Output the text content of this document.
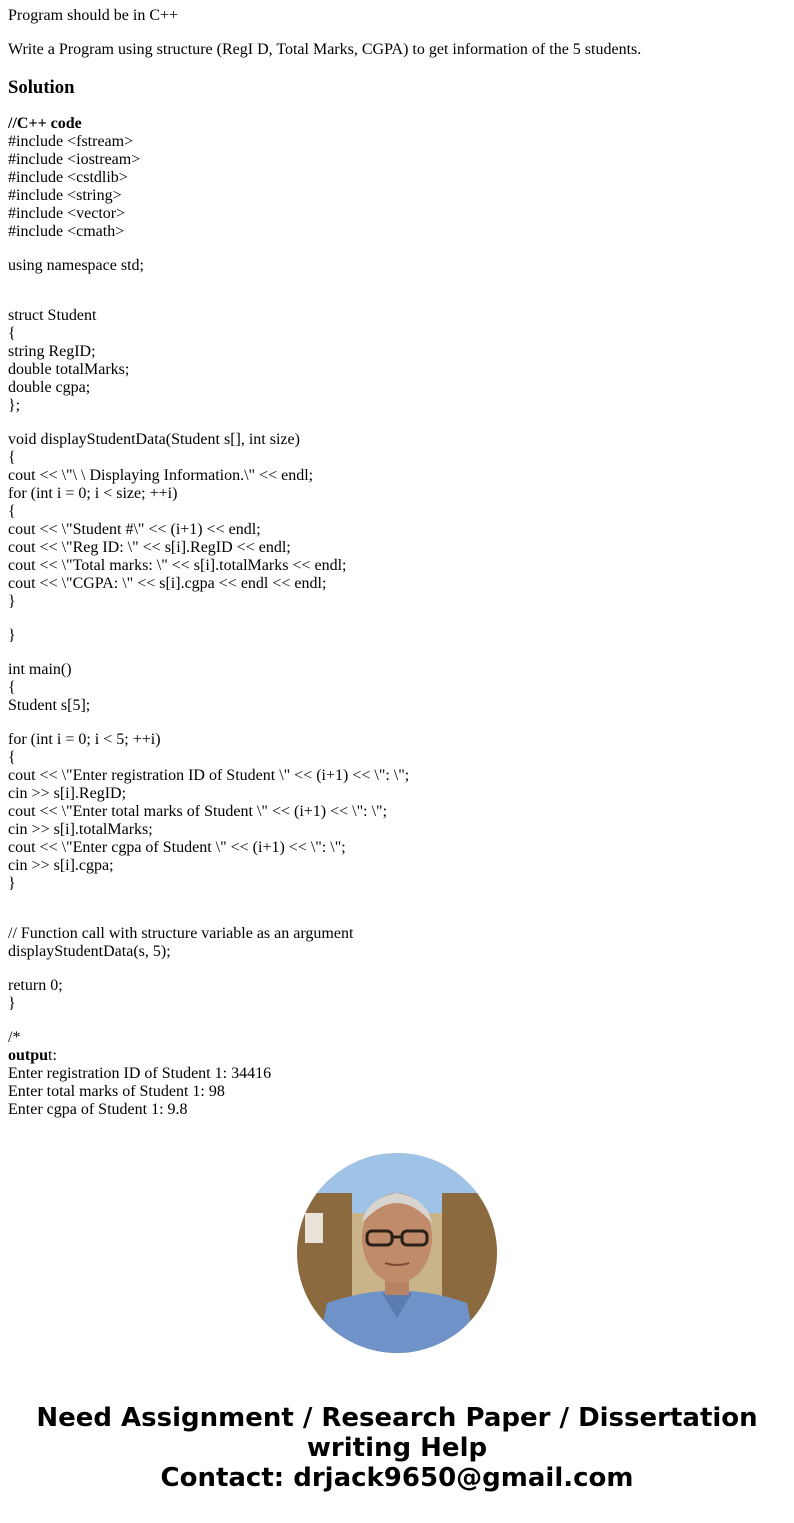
Program should be in C++
Write a Program using structure (RegI D, Total Marks, CGPA) to get information of the 5 students.
Solution
//C++ code
#include <fstream>
#include <iostream>
#include <cstdlib>
#include <string>
#include <vector>
#include <cmath>
using namespace std;
struct Student
{
string RegID;
double totalMarks;
double cgpa;
};
void displayStudentData(Student s[], int size)
{
cout << \"\ \ Displaying Information.\" << endl;
for (int i = 0; i < size; ++i)
{
cout << \"Student #\" << (i+1) << endl;
cout << \"Reg ID: \" << s[i].RegID << endl;
cout << \"Total marks: \" << s[i].totalMarks << endl;
cout << \"CGPA: \" << s[i].cgpa << endl << endl;
}
}
int main()
{
Student s[5];
for (int i = 0; i < 5; ++i)
{
cout << \"Enter registration ID of Student \" << (i+1) << \": \";
cin >> s[i].RegID;
cout << \"Enter total marks of Student \" << (i+1) << \": \";
cin >> s[i].totalMarks;
cout << \"Enter cgpa of Student \" << (i+1) << \": \";
cin >> s[i].cgpa;
}
// Function call with structure variable as an argument
displayStudentData(s, 5);
return 0;
}
/*
output:
Enter registration ID of Student 1: 34416
Enter total marks of Student 1: 98
Enter cgpa of Student 1: 9.8
Need Assignment / Research Paper / Dissertation
writing Help
Contact: drjack9650@gmail.com
